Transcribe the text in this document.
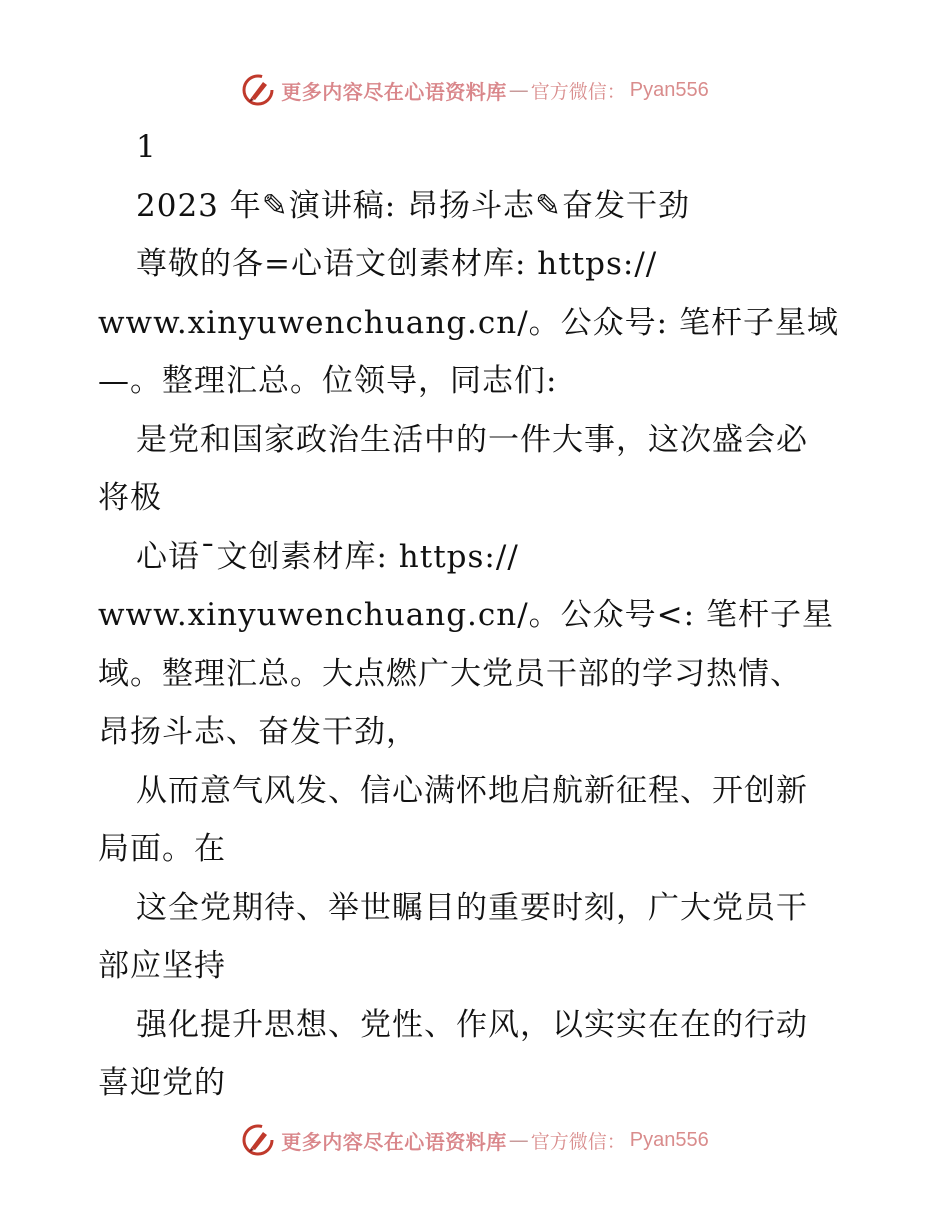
更多内容尽在心语资料库 — 官方微信： Pyan556
1
2023 年✎演讲稿: 昂扬斗志✎奋发干劲
尊敬的各=心语文创素材库: https://
www.xinyuwenchuang.cn/。公众号: 笔杆子星域
—。整理汇总。位领导，同志们:
是党和国家政治生活中的一件大事，这次盛会必
将极
心语¯文创素材库: https://
www.xinyuwenchuang.cn/。公众号<: 笔杆子星
域。整理汇总。大点燃广大党员干部的学习热情、
昂扬斗志、奋发干劲，
从而意气风发、信心满怀地启航新征程、开创新
局面。在
这全党期待、举世瞩目的重要时刻，广大党员干
部应坚持
强化提升思想、党性、作风，以实实在在的行动
喜迎党的
更多内容尽在心语资料库 — 官方微信： Pyan556
